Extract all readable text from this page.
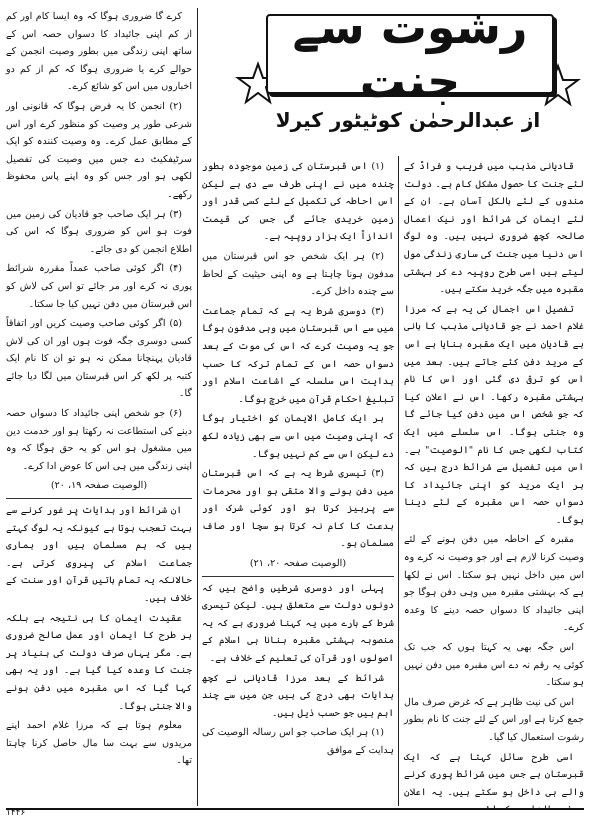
رشوت سے جنت
از عبدالرحمٰن کوٹیٹور کیرلا

قادیانی مذہب میں فریب و فراڈ کے لئے جنت کا حصول مشکل کام ہے۔ دولت مندوں کے لئے بالکل آسان ہے۔ ان کے لئے ایمان کی شرائط اور نیک اعمال صالحہ کچھ ضروری نہیں ہیں۔ وہ لوگ اس دنیا میں جنت کی ساری زندگی مول لیتے ہیں اسی طرح روپیہ دے کر بہشتی مقبرہ میں جگہ خرید سکتے ہیں۔

تفصیل اس اجمال کی یہ ہے کہ مرزا غلام احمد نے جو قادیانی مذہب کا بانی ہے قادیان میں ایک مقبرہ بنایا ہے اس کے مرید دفن کئے جاتے ہیں۔ بعد میں اس کو ترقی دی گئی اور اس کا نام بہشتی مقبرہ رکھا۔ اس نے اعلان کیا کہ جو شخص اس میں دفن کیا جائے گا وہ جنتی ہوگا۔ اس سلسلے میں ایک کتاب لکھی جس کا نام "الوصیت" ہے۔ اس میں تفصیل سے شرائط درج ہیں کہ ہر ایک مرید کو اپنی جائیداد کا دسواں حصہ اس مقبرہ کے لئے دینا ہوگا۔

مقبرہ کے احاطہ میں دفن ہونے کے لئے وصیت کرنا لازم ہے اور جو وصیت نہ کرے وہ اس میں داخل نہیں ہو سکتا۔ اس نے لکھا ہے کہ بہشتی مقبرہ میں وہی دفن ہوگا جو اپنی جائیداد کا دسواں حصہ دینے کا وعدہ کرے۔

اس جگہ بھی یہ کہتا ہوں کہ جب تک کوئی یہ رقم نہ دے اس مقبرہ میں دفن نہیں ہو سکتا۔

اس کی نیت ظاہر ہے کہ غرض صرف مال جمع کرنا ہے اور اس کے لئے جنت کا نام بطور رشوت استعمال کیا گیا۔

اسی طرح سائل کہتا ہے کہ ایک قبرستان ہے جس میں شرائط پوری کرنے والے ہی داخل ہو سکتے ہیں۔ یہ اعلان

(۱) اس قبرستان کی زمین موجودہ بطور چندہ میں نے اپنی طرف سے دی ہے لیکن اس احاطہ کی تکمیل کے لئے کسی قدر اور زمین خریدی جائے گی جس کی قیمت اندازاً ایک ہزار روپیہ ہے۔

(۲) ہر ایک شخص جو اس قبرستان میں مدفون ہونا چاہتا ہے وہ اپنی حیثیت کے لحاظ سے چندہ داخل کرے۔

(۳) دوسری شرط یہ ہے کہ تمام جماعت میں سے اس قبرستان میں وہی مدفون ہوگا جو یہ وصیت کرے کہ اس کی موت کے بعد دسواں حصہ اس کے تمام ترکہ کا حسب ہدایت اس سلسلہ کے اشاعت اسلام اور تبلیغ احکام قرآن میں خرچ ہوگا۔

ہر ایک کامل الایمان کو اختیار ہوگا کہ اپنی وصیت میں اس سے بھی زیادہ لکھ دے لیکن اس سے کم نہیں ہوگا۔

(۳) تیسری شرط یہ ہے کہ اس قبرستان میں دفن ہونے والا متقی ہو اور محرمات سے پرہیز کرتا ہو اور کوئی شرک اور بدعت کا کام نہ کرتا ہو سچا اور صاف مسلمان ہو۔

(الوصیت صفحہ ۲۰، ۲۱)

پہلی اور دوسری شرطیں واضح ہیں کہ دونوں دولت سے متعلق ہیں۔ لیکن تیسری شرط کے بارے میں یہ کہنا ضروری ہے کہ یہ منصوبہ بہشتی مقبرہ بنانا ہی اسلام کے اصولوں اور قرآن کی تعلیم کے خلاف ہے۔

شرائط کے بعد مرزا قادیانی نے کچھ ہدایات بھی درج کی ہیں جن میں سے چند اہم ہیں جو حسب ذیل ہیں۔

(۱) ہر ایک صاحب جو اس رسالہ الوصیت کی ہدایت کے موافق

کرے گا ضروری ہوگا کہ وہ ایسا کام اور کم از کم اپنی جائیداد کا دسواں حصہ اس کے ساتھ اپنی زندگی میں بطور وصیت انجمن کے حوالے کرے یا ضروری ہوگا کہ کم از کم دو اخباروں میں اس کو شائع کرے۔

(۲) انجمن کا یہ فرض ہوگا کہ قانونی اور شرعی طور پر وصیت کو منظور کرے اور اس کے مطابق عمل کرے۔ وہ وصیت کنندہ کو ایک سرٹیفکیٹ دے جس میں وصیت کی تفصیل لکھی ہو اور جس کو وہ اپنے پاس محفوظ رکھے۔

(۳) ہر ایک صاحب جو قادیان کی زمین میں فوت ہو اس کو ضروری ہوگا کہ اس کی اطلاع انجمن کو دی جائے۔

(۴) اگر کوئی صاحب عمداً مقررہ شرائط پوری نہ کرے اور مر جائے تو اس کی لاش کو اس قبرستان میں دفن نہیں کیا جا سکتا۔

(۵) اگر کوئی صاحب وصیت کریں اور اتفاقاً کسی دوسری جگہ فوت ہوں اور ان کی لاش قادیان پہنچانا ممکن نہ ہو تو ان کا نام ایک کتبہ پر لکھ کر اس قبرستان میں لگا دیا جائے گا۔

(۶) جو شخص اپنی جائیداد کا دسواں حصہ دینے کی استطاعت نہ رکھتا ہو اور خدمت دین میں مشغول ہو اس کو یہ حق ہوگا کہ وہ اپنی زندگی میں ہی اس کا عوض ادا کرے۔

(الوصیت صفحہ ۱۹، ۲۰)

ان شرائط اور ہدایات پر غور کرنے سے بہت تعجب ہوتا ہے کیونکہ یہ لوگ کہتے ہیں کہ ہم مسلمان ہیں اور ہماری جماعت اسلام کی پیروی کرتی ہے۔ حالانکہ یہ تمام باتیں قرآن اور سنت کے خلاف ہیں۔

عقیدت ایمان کا ہی نتیجہ ہے بلکہ ہر طرح کا ایمان اور عمل صالح ضروری ہے۔ مگر یہاں صرف دولت کی بنیاد پر جنت کا وعدہ کیا گیا ہے۔ اور یہ بھی کہا گیا کہ اس مقبرہ میں دفن ہونے والا جنتی ہوگا۔

معلوم ہوتا ہے کہ مرزا غلام احمد اپنے مریدوں سے بہت سا مال حاصل کرنا چاہتا تھا۔

۱۴۴۶
